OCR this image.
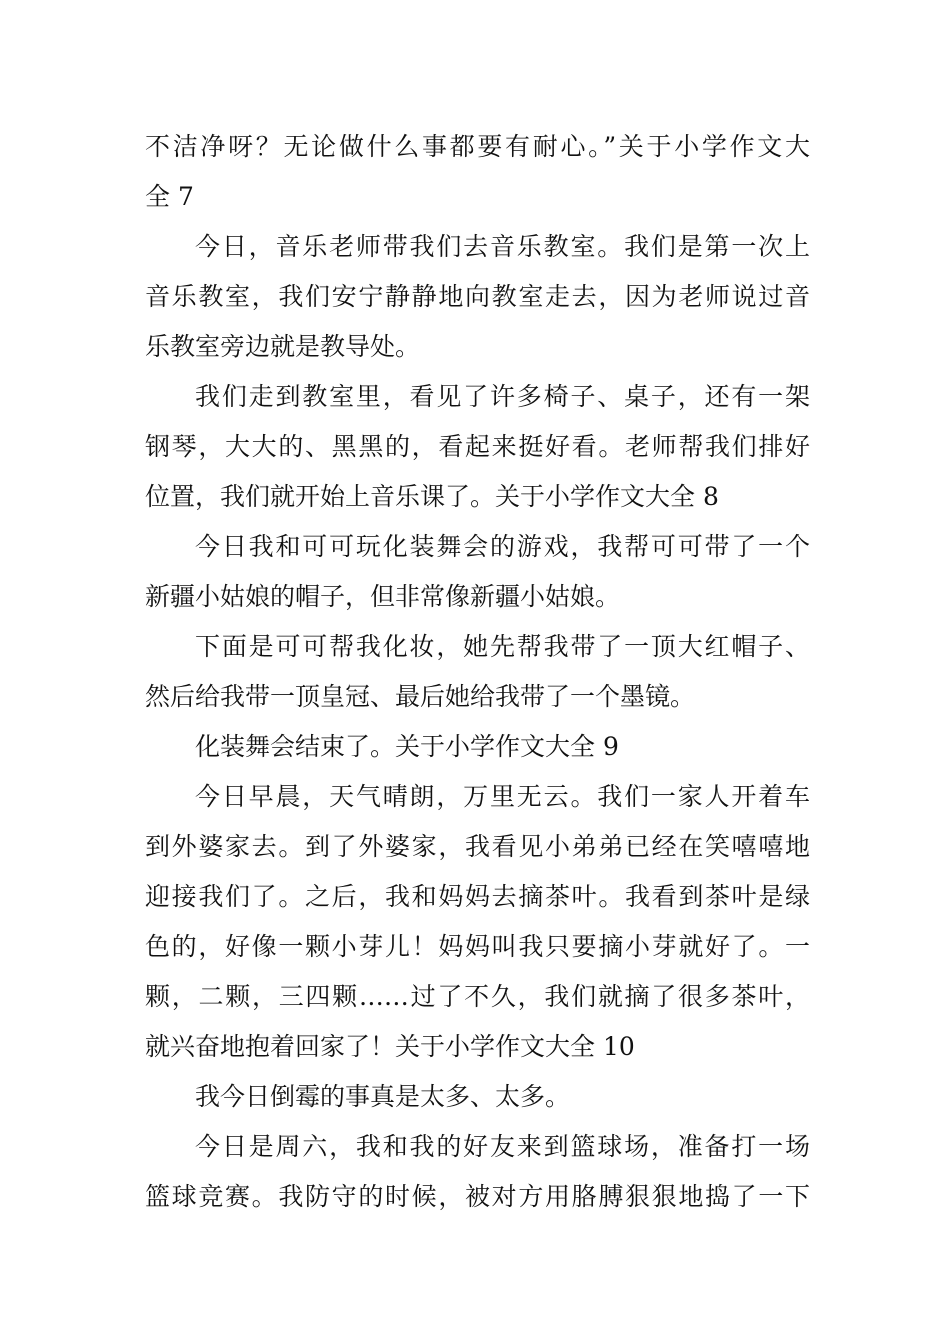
不洁净呀？无论做什么事都要有耐心。”关于小学作文大
全 7
今日，音乐老师带我们去音乐教室。我们是第一次上
音乐教室，我们安宁静静地向教室走去，因为老师说过音
乐教室旁边就是教导处。
我们走到教室里，看见了许多椅子、桌子，还有一架
钢琴，大大的、黑黑的，看起来挺好看。老师帮我们排好
位置，我们就开始上音乐课了。关于小学作文大全 8
今日我和可可玩化装舞会的游戏，我帮可可带了一个
新疆小姑娘的帽子，但非常像新疆小姑娘。
下面是可可帮我化妆，她先帮我带了一顶大红帽子、
然后给我带一顶皇冠、最后她给我带了一个墨镜。
化装舞会结束了。关于小学作文大全 9
今日早晨，天气晴朗，万里无云。我们一家人开着车
到外婆家去。到了外婆家，我看见小弟弟已经在笑嘻嘻地
迎接我们了。之后，我和妈妈去摘茶叶。我看到茶叶是绿
色的，好像一颗小芽儿！妈妈叫我只要摘小芽就好了。一
颗，二颗，三四颗……过了不久，我们就摘了很多茶叶，
就兴奋地抱着回家了！关于小学作文大全 10
我今日倒霉的事真是太多、太多。
今日是周六，我和我的好友来到篮球场，准备打一场
篮球竞赛。我防守的时候，被对方用胳膊狠狠地捣了一下
